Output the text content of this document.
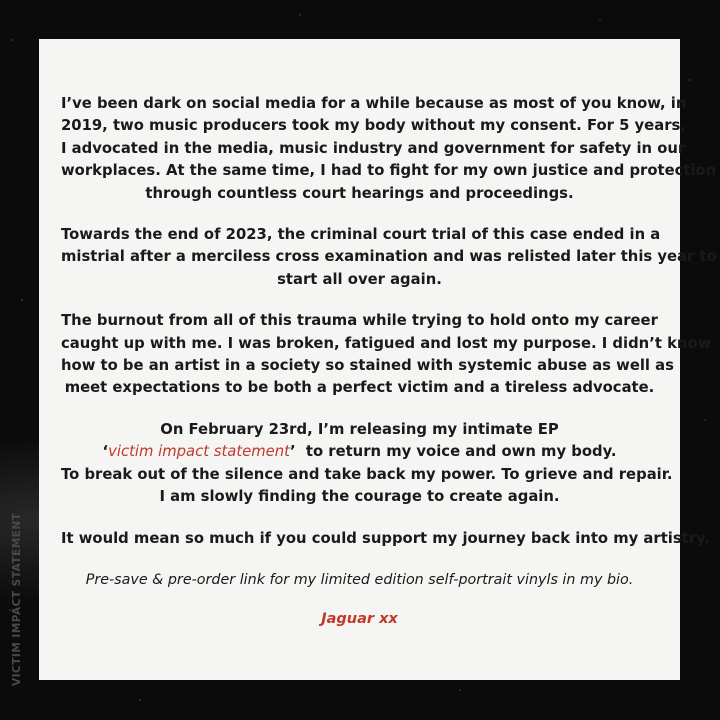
I’ve been dark on social media for a while because as most of you know, in
2019, two music producers took my body without my consent. For 5 years,
I advocated in the media, music industry and government for safety in our
workplaces. At the same time, I had to fight for my own justice and protection
through countless court hearings and proceedings.

Towards the end of 2023, the criminal court trial of this case ended in a
mistrial after a merciless cross examination and was relisted later this year to
start all over again.

The burnout from all of this trauma while trying to hold onto my career
caught up with me. I was broken, fatigued and lost my purpose. I didn’t know
how to be an artist in a society so stained with systemic abuse as well as
meet expectations to be both a perfect victim and a tireless advocate.

On February 23rd, I’m releasing my intimate EP
‘victim impact statement’  to return my voice and own my body.
To break out of the silence and take back my power. To grieve and repair.
I am slowly finding the courage to create again.

It would mean so much if you could support my journey back into my artistry.

Pre-save & pre-order link for my limited edition self-portrait vinyls in my bio.

Jaguar xx

VICTIM IMPACT STATEMENT
